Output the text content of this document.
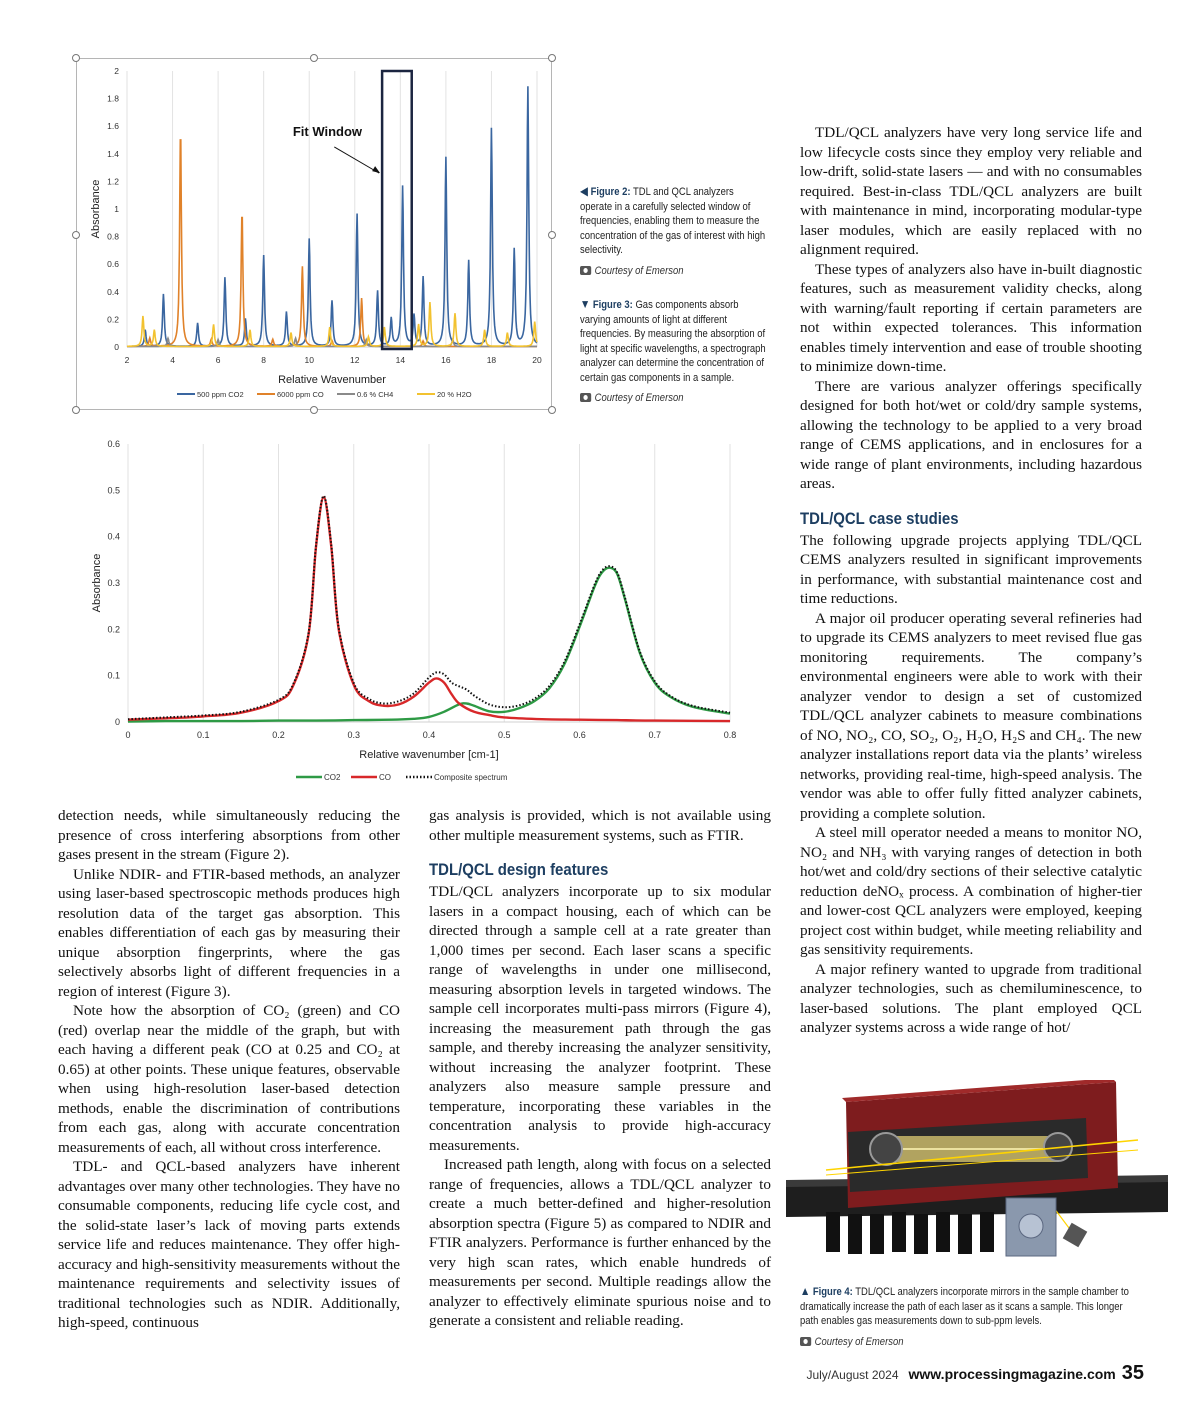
2	4	6	8	10	12	14	16	18	20
0
0.2
0.4
0.6
0.8
1
1.2
1.4
1.6
1.8
2
Relative Wavenumber
Absorbance
Fit Window
500 ppm CO2	6000 ppm CO	0.6 % CH4	20 % H2O
◀ Figure 2: TDL and QCL analyzers operate in a carefully selected window of frequencies, enabling them to measure the concentration of the gas of interest with high selectivity.
Courtesy of Emerson
▼ Figure 3: Gas components absorb varying amounts of light at different frequencies. By measuring the absorption of light at specific wavelengths, a spectrograph analyzer can determine the concentration of certain gas components in a sample.
Courtesy of Emerson
0	0.1	0.2	0.3	0.4	0.5	0.6	0.7	0.8
0
0.1
0.2
0.3
0.4
0.5
0.6
Relative wavenumber [cm-1]
Absorbance
CO2	CO	Composite spectrum

detection needs, while simultaneously reducing the presence of cross interfering absorptions from other gases present in the stream (Figure 2).

Unlike NDIR- and FTIR-based methods, an analyzer using laser-based spectroscopic methods produces high resolution data of the target gas absorption. This enables differentiation of each gas by measuring their unique absorption fingerprints, where the gas selectively absorbs light of different frequencies in a region of interest (Figure 3).

Note how the absorption of CO₂ (green) and CO (red) overlap near the middle of the graph, but with each having a different peak (CO at 0.25 and CO₂ at 0.65) at other points. These unique features, observable when using high-resolution laser-based detection methods, enable the discrimination of contributions from each gas, along with accurate concentration measurements of each, all without cross interference.

TDL- and QCL-based analyzers have inherent advantages over many other technologies. They have no consumable components, reducing life cycle cost, and the solid-state laser’s lack of moving parts extends service life and reduces maintenance. They offer high-accuracy and high-sensitivity measurements without the maintenance requirements and selectivity issues of traditional technologies such as NDIR. Additionally, high-speed, continuous

gas analysis is provided, which is not available using other multiple measurement systems, such as FTIR.

TDL/QCL design features

TDL/QCL analyzers incorporate up to six modular lasers in a compact housing, each of which can be directed through a sample cell at a rate greater than 1,000 times per second. Each laser scans a specific range of wavelengths in under one millisecond, measuring absorption levels in targeted windows. The sample cell incorporates multi-pass mirrors (Figure 4), increasing the measurement path through the gas sample, and thereby increasing the analyzer sensitivity, without increasing the analyzer footprint. These analyzers also measure sample pressure and temperature, incorporating these variables in the concentration analysis to provide high-accuracy measurements.

Increased path length, along with focus on a selected range of frequencies, allows a TDL/QCL analyzer to create a much better-defined and higher-resolution absorption spectra (Figure 5) as compared to NDIR and FTIR analyzers. Performance is further enhanced by the very high scan rates, which enable hundreds of measurements per second. Multiple readings allow the analyzer to effectively eliminate spurious noise and to generate a consistent and reliable reading.

TDL/QCL analyzers have very long service life and low lifecycle costs since they employ very reliable and low-drift, solid-state lasers — and with no consumables required. Best-in-class TDL/QCL analyzers are built with maintenance in mind, incorporating modular-type laser modules, which are easily replaced with no alignment required.

These types of analyzers also have in-built diagnostic features, such as measurement validity checks, along with warning/fault reporting if certain parameters are not within expected tolerances. This information enables timely intervention and ease of trouble shooting to minimize down-time.

There are various analyzer offerings specifically designed for both hot/wet or cold/dry sample systems, allowing the technology to be applied to a very broad range of CEMS applications, and in enclosures for a wide range of plant environments, including hazardous areas.

TDL/QCL case studies

The following upgrade projects applying TDL/QCL CEMS analyzers resulted in significant improvements in performance, with substantial maintenance cost and time reductions.

A major oil producer operating several refineries had to upgrade its CEMS analyzers to meet revised flue gas monitoring requirements. The company’s environmental engineers were able to work with their analyzer vendor to design a set of customized TDL/QCL analyzer cabinets to measure combinations of NO, NO₂, CO, SO₂, O₂, H₂O, H₂S and CH₄. The new analyzer installations report data via the plants’ wireless networks, providing real-time, high-speed analysis. The vendor was able to offer fully fitted analyzer cabinets, providing a complete solution.

A steel mill operator needed a means to monitor NO, NO₂ and NH₃ with varying ranges of detection in both hot/wet and cold/dry sections of their selective catalytic reduction deNOₓ process. A combination of higher-tier and lower-cost QCL analyzers were employed, keeping project cost within budget, while meeting reliability and gas sensitivity requirements.

A major refinery wanted to upgrade from traditional analyzer technologies, such as chemiluminescence, to laser-based solutions. The plant employed QCL analyzer systems across a wide range of hot/

▲ Figure 4: TDL/QCL analyzers incorporate mirrors in the sample chamber to dramatically increase the path of each laser as it scans a sample. This longer path enables gas measurements down to sub-ppm levels.
Courtesy of Emerson
July/August 2024 www.processingmagazine.com 35
